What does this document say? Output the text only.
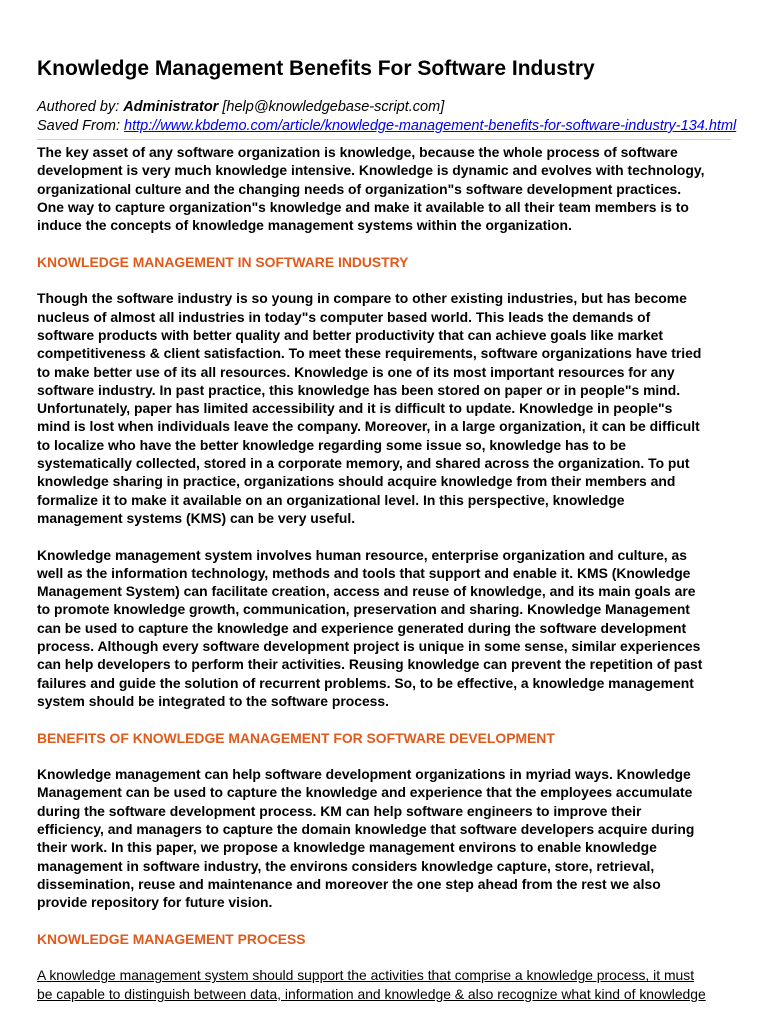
Knowledge Management Benefits For Software Industry
Authored by: Administrator [help@knowledgebase-script.com]
Saved From: http://www.kbdemo.com/article/knowledge-management-benefits-for-software-industry-134.html

The key asset of any software organization is knowledge, because the whole process of software
development is very much knowledge intensive. Knowledge is dynamic and evolves with technology,
organizational culture and the changing needs of organization"s software development practices.
One way to capture organization"s knowledge and make it available to all their team members is to
induce the concepts of knowledge management systems within the organization.

KNOWLEDGE MANAGEMENT IN SOFTWARE INDUSTRY

Though the software industry is so young in compare to other existing industries, but has become
nucleus of almost all industries in today"s computer based world. This leads the demands of
software products with better quality and better productivity that can achieve goals like market
competitiveness & client satisfaction. To meet these requirements, software organizations have tried
to make better use of its all resources. Knowledge is one of its most important resources for any
software industry. In past practice, this knowledge has been stored on paper or in people"s mind.
Unfortunately, paper has limited accessibility and it is difficult to update. Knowledge in people"s
mind is lost when individuals leave the company. Moreover, in a large organization, it can be difficult
to localize who have the better knowledge regarding some issue so, knowledge has to be
systematically collected, stored in a corporate memory, and shared across the organization. To put
knowledge sharing in practice, organizations should acquire knowledge from their members and
formalize it to make it available on an organizational level. In this perspective, knowledge
management systems (KMS) can be very useful.

Knowledge management system involves human resource, enterprise organization and culture, as
well as the information technology, methods and tools that support and enable it. KMS (Knowledge
Management System) can facilitate creation, access and reuse of knowledge, and its main goals are
to promote knowledge growth, communication, preservation and sharing. Knowledge Management
can be used to capture the knowledge and experience generated during the software development
process. Although every software development project is unique in some sense, similar experiences
can help developers to perform their activities. Reusing knowledge can prevent the repetition of past
failures and guide the solution of recurrent problems. So, to be effective, a knowledge management
system should be integrated to the software process.

BENEFITS OF KNOWLEDGE MANAGEMENT FOR SOFTWARE DEVELOPMENT

Knowledge management can help software development organizations in myriad ways. Knowledge
Management can be used to capture the knowledge and experience that the employees accumulate
during the software development process. KM can help software engineers to improve their
efficiency, and managers to capture the domain knowledge that software developers acquire during
their work. In this paper, we propose a knowledge management environs to enable knowledge
management in software industry, the environs considers knowledge capture, store, retrieval,
dissemination, reuse and maintenance and moreover the one step ahead from the rest we also
provide repository for future vision.

KNOWLEDGE MANAGEMENT PROCESS

A knowledge management system should support the activities that comprise a knowledge process, it must
be capable to distinguish between data, information and knowledge & also recognize what kind of knowledge
